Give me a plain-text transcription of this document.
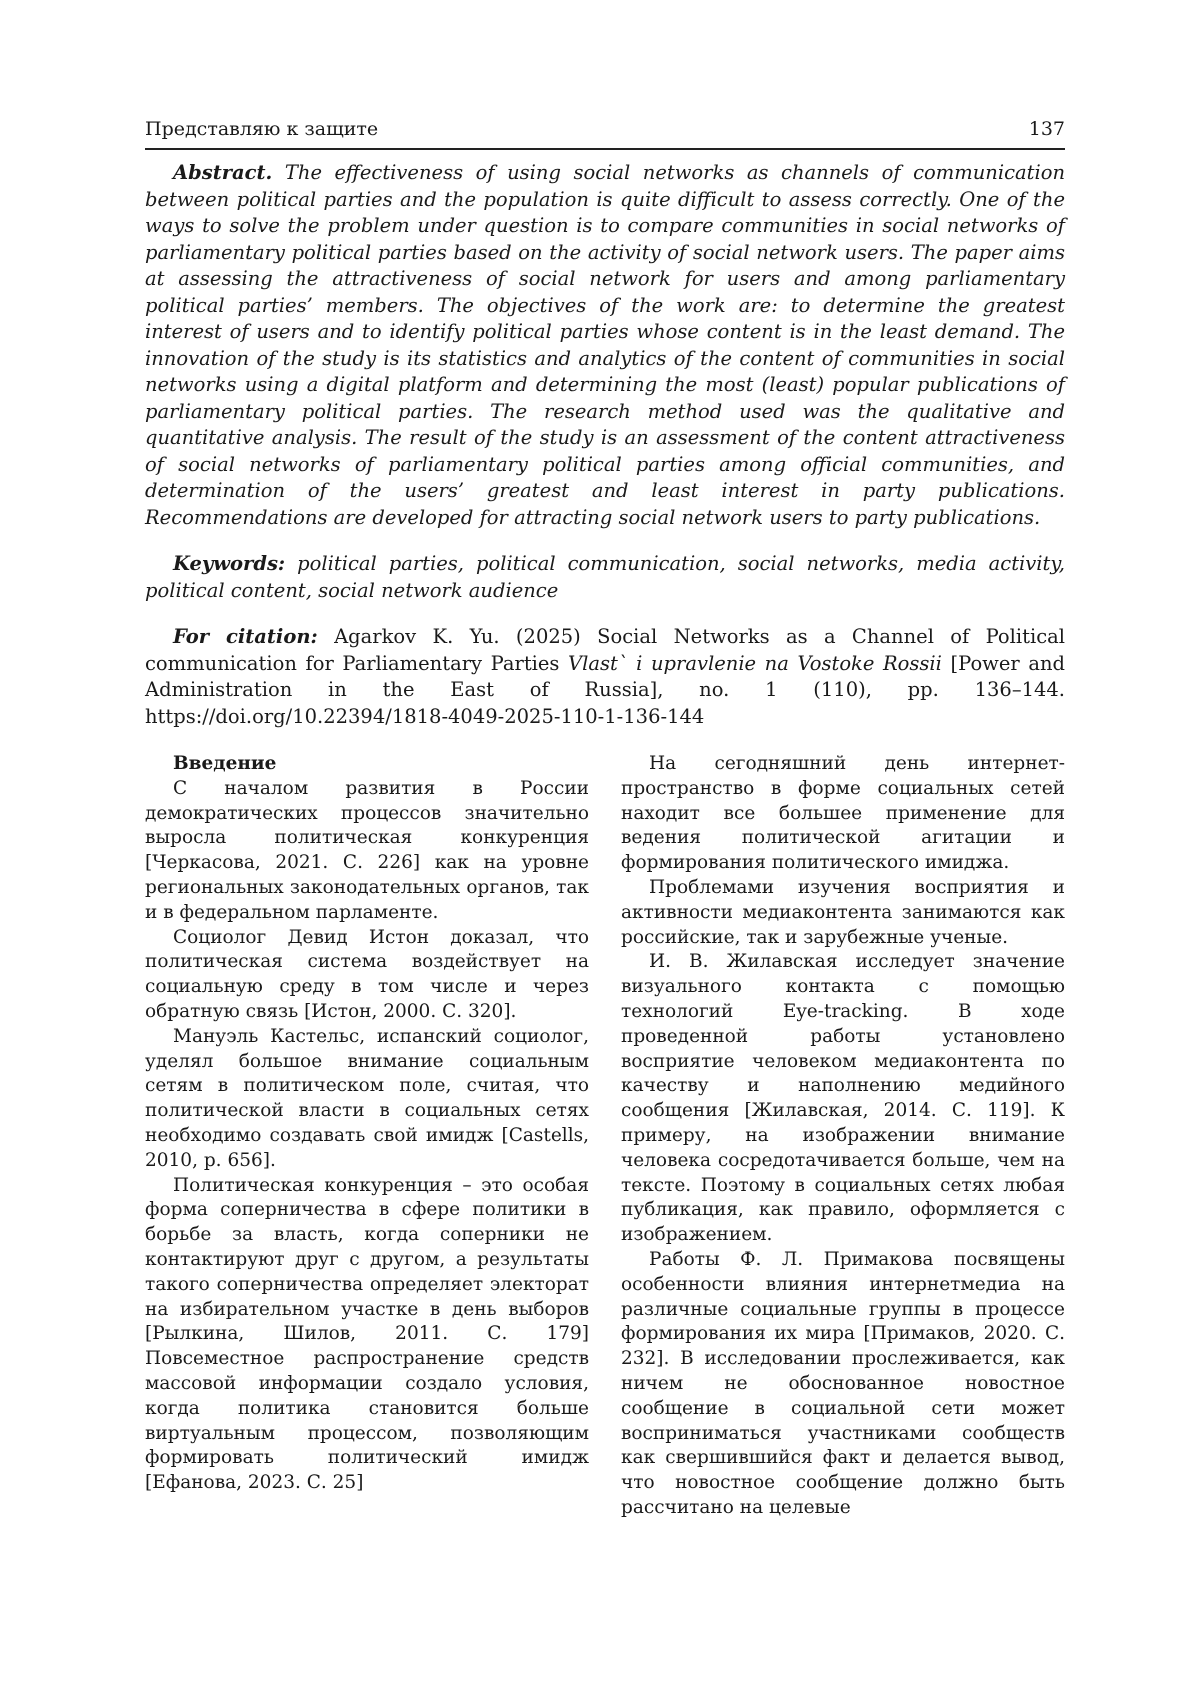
Представляю к защите	137

Abstract. The effectiveness of using social networks as channels of communication between political parties and the population is quite difficult to assess correctly. One of the ways to solve the problem under question is to compare communities in social networks of parliamentary political parties based on the activity of social network users. The paper aims at assessing the attractiveness of social network for users and among parliamentary political parties’ members. The objectives of the work are: to determine the greatest interest of users and to identify political parties whose content is in the least demand. The innovation of the study is its statistics and analytics of the content of communities in social networks using a digital platform and determining the most (least) popular publications of parliamentary political parties. The research method used was the qualitative and quantitative analysis. The result of the study is an assessment of the content attractiveness of social networks of parliamentary political parties among official communities, and determination of the users’ greatest and least interest in party publications. Recommendations are developed for attracting social network users to party publications.

Keywords: political parties, political communication, social networks, media activity, political content, social network audience

For citation: Agarkov K. Yu. (2025) Social Networks as a Channel of Political communication for Parliamentary Parties Vlast` i upravlenie na Vostoke Rossii [Power and Administration in the East of Russia], no. 1 (110), pp. 136–144. https://doi.org/10.22394/1818-4049-2025-110-1-136-144

Введение

С началом развития в России демократических процессов значительно выросла политическая конкуренция [Черкасова, 2021. С. 226] как на уровне региональных законодательных органов, так и в федеральном парламенте.

Социолог Девид Истон доказал, что политическая система воздействует на социальную среду в том числе и через обратную связь [Истон, 2000. С. 320].

Мануэль Кастельс, испанский социолог, уделял большое внимание социальным сетям в политическом поле, считая, что политической власти в социальных сетях необходимо создавать свой имидж [Castells, 2010, p. 656].

Политическая конкуренция – это особая форма соперничества в сфере политики в борьбе за власть, когда соперники не контактируют друг с другом, а результаты такого соперничества определяет электорат на избирательном участке в день выборов [Рылкина, Шилов, 2011. С. 179] Повсеместное распространение средств массовой информации создало условия, когда политика становится больше виртуальным процессом, позволяющим формировать политический имидж [Ефанова, 2023. С. 25]

На сегодняшний день интернет-пространство в форме социальных сетей находит все большее применение для ведения политической агитации и формирования политического имиджа.

Проблемами изучения восприятия и активности медиаконтента занимаются как российские, так и зарубежные ученые.

И. В. Жилавская исследует значение визуального контакта с помощью технологий Eye-tracking. В ходе проведенной работы установлено восприятие человеком медиаконтента по качеству и наполнению медийного сообщения [Жилавская, 2014. С. 119]. К примеру, на изображении внимание человека сосредотачивается больше, чем на тексте. Поэтому в социальных сетях любая публикация, как правило, оформляется с изображением.

Работы Ф. Л. Примакова посвящены особенности влияния интернетмедиа на различные социальные группы в процессе формирования их мира [Примаков, 2020. С. 232]. В исследовании прослеживается, как ничем не обоснованное новостное сообщение в социальной сети может восприниматься участниками сообществ как свершившийся факт и делается вывод, что новостное сообщение должно быть рассчитано на целевые
